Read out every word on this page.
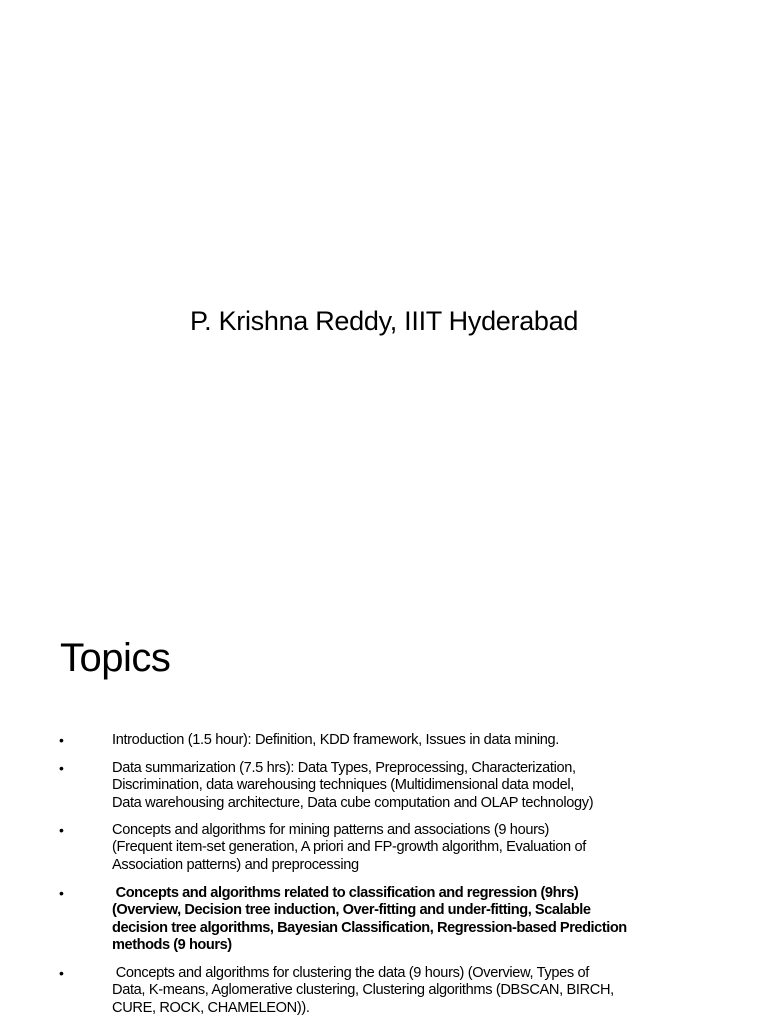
P. Krishna Reddy, IIIT Hyderabad
Topics
•	Introduction (1.5 hour): Definition, KDD framework, Issues in data mining.
•	Data summarization (7.5 hrs): Data Types, Preprocessing, Characterization,
Discrimination, data warehousing techniques (Multidimensional data model,
Data warehousing architecture, Data cube computation and OLAP technology)
•	Concepts and algorithms for mining patterns and associations (9 hours)
(Frequent item-set generation, A priori and FP-growth algorithm, Evaluation of
Association patterns) and preprocessing
•	Concepts and algorithms related to classification and regression (9hrs)
(Overview, Decision tree induction, Over-fitting and under-fitting, Scalable
decision tree algorithms, Bayesian Classification, Regression-based Prediction
methods (9 hours)
•	Concepts and algorithms for clustering the data (9 hours) (Overview, Types of
Data, K-means, Aglomerative clustering, Clustering algorithms (DBSCAN, BIRCH,
CURE, ROCK, CHAMELEON)).
